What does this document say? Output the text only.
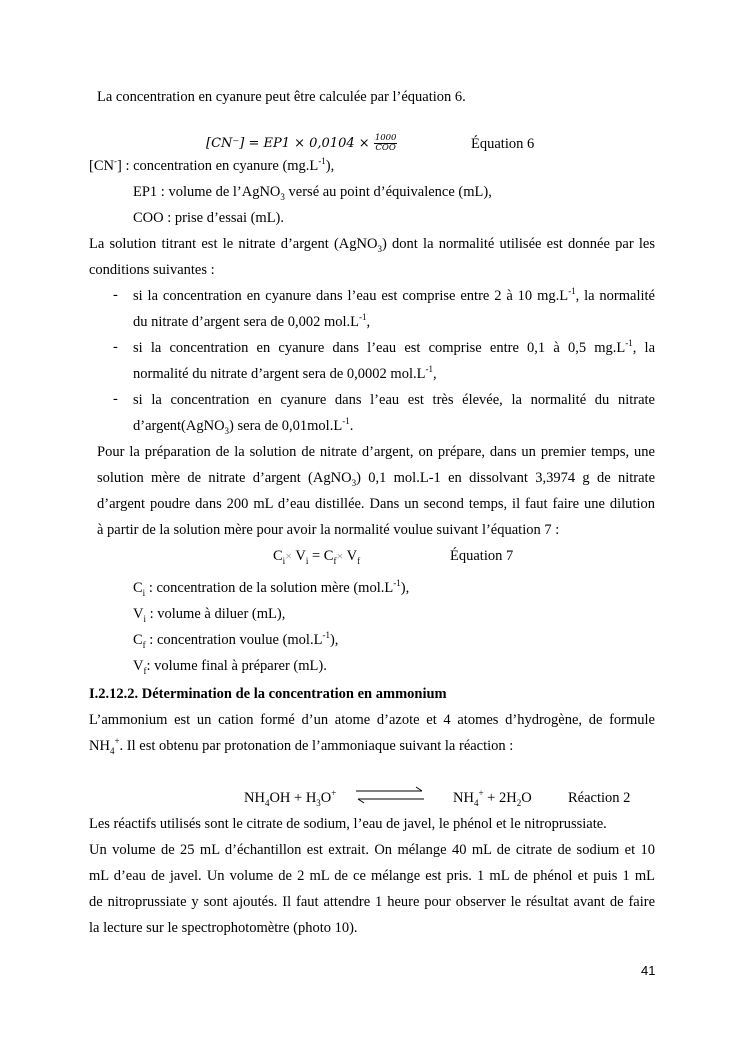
La concentration en cyanure peut être calculée par l’équation 6.
$[CN^-] = EP1 \times 0,0104 \times \frac{1000}{\text{COO}}$	Équation 6
[CN-] : concentration en cyanure $(mg.L^{-1})$,
EP1 : volume de l’AgNO$_3$ versé au point d’équivalence (mL),
COO : prise d’essai (mL).
La solution titrant est le nitrate d’argent (AgNO$_3$) dont la normalité utilisée est donnée par les
conditions suivantes :
- si la concentration en cyanure dans l’eau est comprise entre 2 à 10 $mg.L^{-1}$, la normalité
du nitrate d’argent sera de 0,002 $mol.L^{-1}$,
- si la concentration en cyanure dans l’eau est comprise entre 0,1 à 0,5 $mg.L^{-1}$, la
normalité du nitrate d’argent sera de 0,0002 $mol.L^{-1}$,
- si la concentration en cyanure dans l’eau est très élevée, la normalité du nitrate
d’argent(AgNO$_3$) sera de $0,01mol.L^{-1}$.
Pour la préparation de la solution de nitrate d’argent, on prépare, dans un premier temps, une
solution mère de nitrate d’argent (AgNO$_3$) 0,1 mol.L-1 en dissolvant 3,3974 g de nitrate
d’argent poudre dans 200 mL d’eau distillée. Dans un second temps, il faut faire une dilution
à partir de la solution mère pour avoir la normalité voulue suivant l’équation 7 :
$C_i\times V_i = C_f\times V_f$	Équation 7
$C_i$ : concentration de la solution mère $(mol.L^{-1})$,
$V_i$ : volume à diluer (mL),
$C_f$ : concentration voulue $(mol.L^{-1})$,
$V_f$: volume final à préparer (mL).
I.2.12.2. Détermination de la concentration en ammonium
L’ammonium est un cation formé d’un atome d’azote et 4 atomes d’hydrogène, de formule
$NH_4^+$. Il est obtenu par protonation de l’ammoniaque suivant la réaction :
$NH_4OH + H_3O^+$	$NH_4^+ + 2H_2O$	Réaction 2
Les réactifs utilisés sont le citrate de sodium, l’eau de javel, le phénol et le nitroprussiate.
Un volume de 25 mL d’échantillon est extrait. On mélange 40 mL de citrate de sodium et 10
mL d’eau de javel. Un volume de 2 mL de ce mélange est pris. 1 mL de phénol et puis 1 mL
de nitroprussiate y sont ajoutés. Il faut attendre 1 heure pour observer le résultat avant de faire
la lecture sur le spectrophotomètre (photo 10).
41
